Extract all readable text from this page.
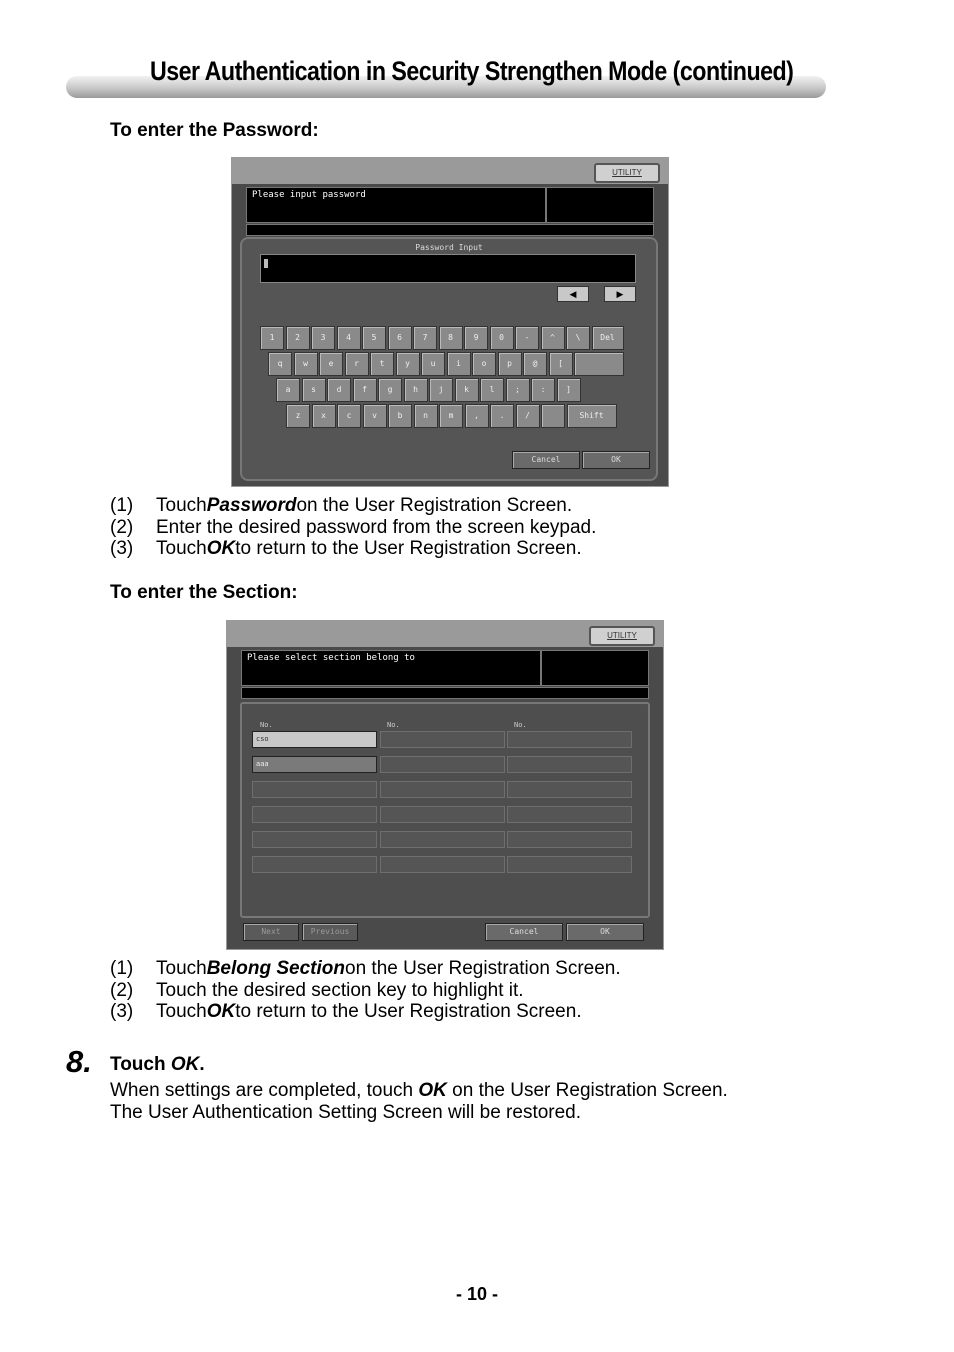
User Authentication in Security Strengthen Mode (continued)
To enter the Password:
UTILITY
Please input password
Password Input
◀	▶
1	2	3	4	5	6	7	8	9	0	-	^	\	Del
q	w	e	r	t	y	u	i	o	p	@	[
a	s	d	f	g	h	j	k	l	;	:	]
z	x	c	v	b	n	m	,	.	/	Shift
Cancel	OK
(1)	Touch Password on the User Registration Screen.
(2)	Enter the desired password from the screen keypad.
(3)	Touch OK to return to the User Registration Screen.
To enter the Section:
UTILITY
Please select section belong to
No.	No.	No.
cso
aaa
Next	Previous	Cancel	OK
(1)	Touch Belong Section on the User Registration Screen.
(2)	Touch the desired section key to highlight it.
(3)	Touch OK to return to the User Registration Screen.
8. Touch OK.
When settings are completed, touch OK on the User Registration Screen.
The User Authentication Setting Screen will be restored.
- 10 -
